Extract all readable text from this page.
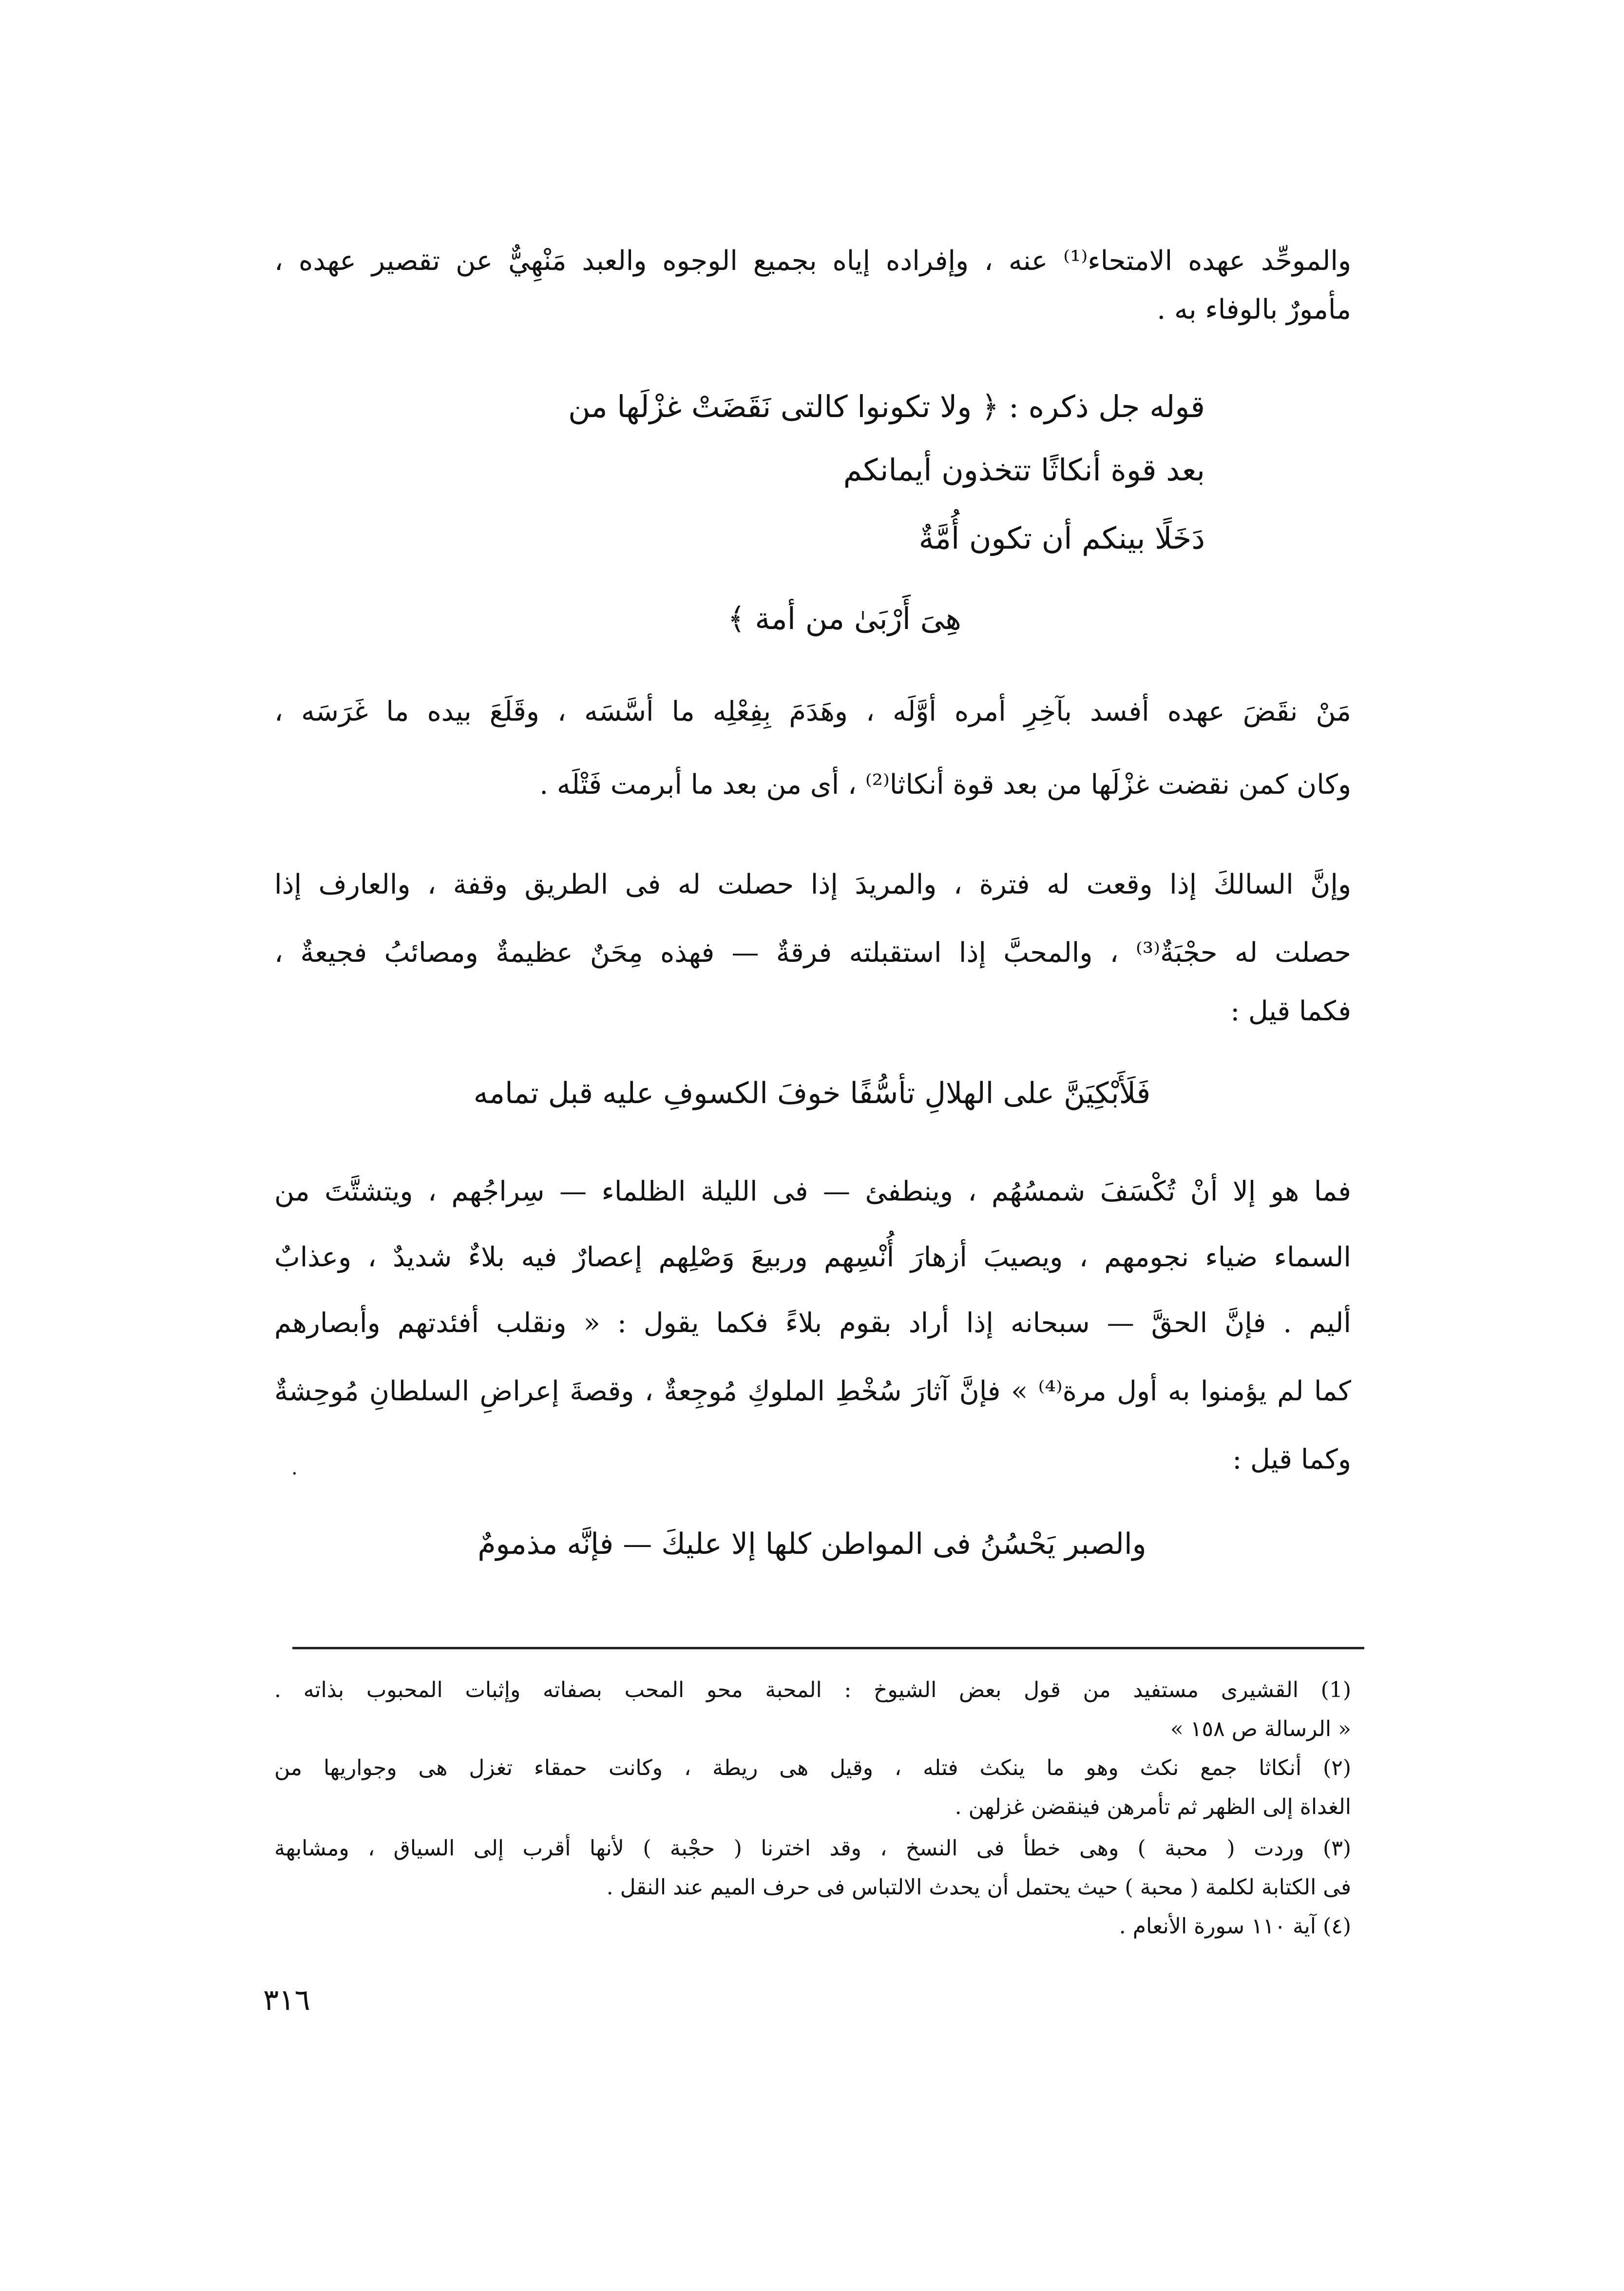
والموحِّد عهده الامتحاء⁽¹⁾ عنه ، وإفراده إياه بجميع الوجوه والعبد مَنْهِيٌّ عن تقصير عهده ،
مأمورٌ بالوفاء به .
قوله جل ذكره : ﴿ ولا تكونوا كالتى نَقَضَتْ غزْلَها من
بعد قوة أنكاثًا تتخذون أيمانكم
دَخَلًا بينكم أن تكون أُمَّةٌ
هِىَ أَرْبَىٰ من أمة ﴾
مَنْ نقَضَ عهده أفسد بآخِرِ أمره أوَّلَه ، وهَدَمَ بِفِعْلِه ما أسَّسَه ، وقَلَعَ بيده ما غَرَسَه ،
وكان كمن نقضت غزْلَها من بعد قوة أنكاثا⁽²⁾ ، أى من بعد ما أبرمت فَتْلَه .
وإنَّ السالكَ إذا وقعت له فترة ، والمريدَ إذا حصلت له فى الطريق وقفة ، والعارف إذا
حصلت له حجْبَةٌ⁽³⁾ ، والمحبَّ إذا استقبلته فرقةٌ — فهذه مِحَنٌ عظيمةٌ ومصائبُ فجيعةٌ ،
فكما قيل :
فَلَأَبْكِيَنَّ على الهلالِ تأسُّفًا خوفَ الكسوفِ عليه قبل تمامه
فما هو إلا أنْ تُكْسَفَ شمسُهُم ، وينطفئ — فى الليلة الظلماء — سِراجُهم ، ويتشتَّتَ من
السماء ضياء نجومهم ، ويصيبَ أزهارَ أُنْسِهم وربيعَ وَصْلِهم إعصارٌ فيه بلاءٌ شديدٌ ، وعذابٌ
أليم . فإنَّ الحقَّ — سبحانه إذا أراد بقوم بلاءً فكما يقول : « ونقلب أفئدتهم وأبصارهم
كما لم يؤمنوا به أول مرة⁽⁴⁾ » فإنَّ آثارَ سُخْطِ الملوكِ مُوجِعةٌ ، وقصةَ إعراضِ السلطانِ مُوحِشةٌ
وكما قيل :
والصبر يَحْسُنُ فى المواطن كلها إلا عليكَ — فإنَّه مذمومٌ
(1) القشيرى مستفيد من قول بعض الشيوخ : المحبة محو المحب بصفاته وإثبات المحبوب بذاته .
« الرسالة ص ١٥٨ »
(٢) أنكاثا جمع نكث وهو ما ينكث فتله ، وقيل هى ريطة ، وكانت حمقاء تغزل هى وجواريها من
الغداة إلى الظهر ثم تأمرهن فينقضن غزلهن .
(٣) وردت ( محبة ) وهى خطأ فى النسخ ، وقد اخترنا ( حجْبة ) لأنها أقرب إلى السياق ، ومشابهة
فى الكتابة لكلمة ( محبة ) حيث يحتمل أن يحدث الالتباس فى حرف الميم عند النقل .
(٤) آية ١١٠ سورة الأنعام .
٣١٦
·
